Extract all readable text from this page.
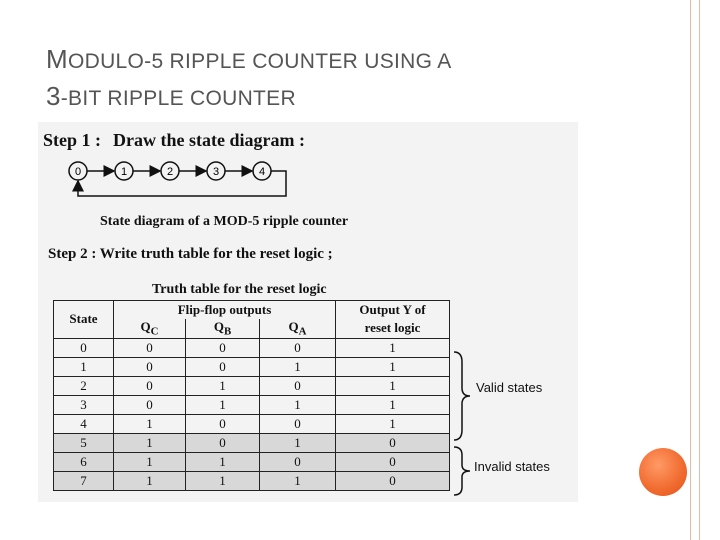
MODULO-5 RIPPLE COUNTER USING A
3-BIT RIPPLE COUNTER
Step 1 : Draw the state diagram :
0	1	2	3	4
State diagram of a MOD-5 ripple counter
Step 2 : Write truth table for the reset logic ;
Truth table for the reset logic
State	Flip-flop outputs			Output Y of
	$Q_C$	$Q_B$	$Q_A$	reset logic
0	0	0	0	1
1	0	0	1	1
2	0	1	0	1
3	0	1	1	1
4	1	0	0	1
5	1	0	1	0
6	1	1	0	0
7	1	1	1	0
Valid states
Invalid states
